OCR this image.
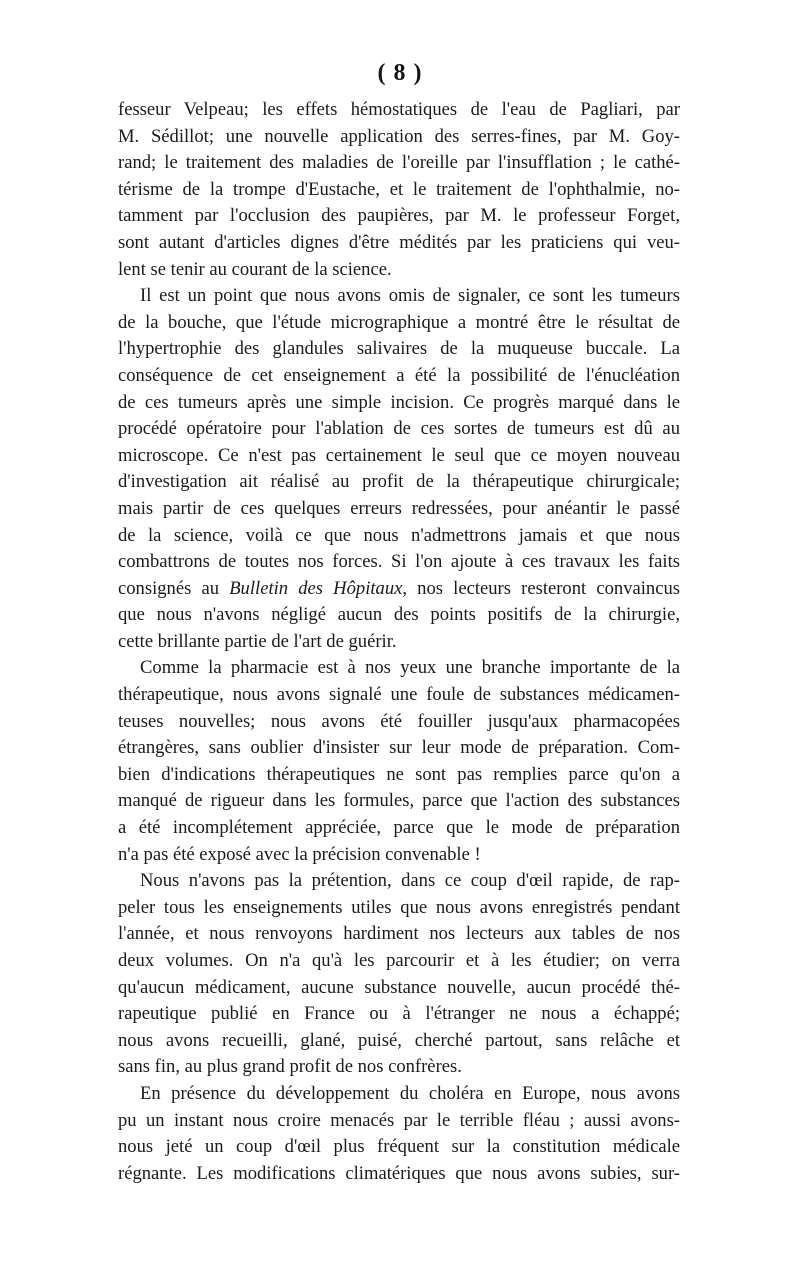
( 8 )
fesseur Velpeau; les effets hémostatiques de l'eau de Pagliari, par
M. Sédillot; une nouvelle application des serres-fines, par M. Goy-
rand; le traitement des maladies de l'oreille par l'insufflation ; le cathé-
térisme de la trompe d'Eustache, et le traitement de l'ophthalmie, no-
tamment par l'occlusion des paupières, par M. le professeur Forget,
sont autant d'articles dignes d'être médités par les praticiens qui veu-
lent se tenir au courant de la science.
Il est un point que nous avons omis de signaler, ce sont les tumeurs
de la bouche, que l'étude micrographique a montré être le résultat de
l'hypertrophie des glandules salivaires de la muqueuse buccale. La
conséquence de cet enseignement a été la possibilité de l'énucléation
de ces tumeurs après une simple incision. Ce progrès marqué dans le
procédé opératoire pour l'ablation de ces sortes de tumeurs est dû au
microscope. Ce n'est pas certainement le seul que ce moyen nouveau
d'investigation ait réalisé au profit de la thérapeutique chirurgicale;
mais partir de ces quelques erreurs redressées, pour anéantir le passé
de la science, voilà ce que nous n'admettrons jamais et que nous
combattrons de toutes nos forces. Si l'on ajoute à ces travaux les faits
consignés au Bulletin des Hôpitaux, nos lecteurs resteront convaincus
que nous n'avons négligé aucun des points positifs de la chirurgie,
cette brillante partie de l'art de guérir.
Comme la pharmacie est à nos yeux une branche importante de la
thérapeutique, nous avons signalé une foule de substances médicamen-
teuses nouvelles; nous avons été fouiller jusqu'aux pharmacopées
étrangères, sans oublier d'insister sur leur mode de préparation. Com-
bien d'indications thérapeutiques ne sont pas remplies parce qu'on a
manqué de rigueur dans les formules, parce que l'action des substances
a été incomplétement appréciée, parce que le mode de préparation
n'a pas été exposé avec la précision convenable !
Nous n'avons pas la prétention, dans ce coup d'œil rapide, de rap-
peler tous les enseignements utiles que nous avons enregistrés pendant
l'année, et nous renvoyons hardiment nos lecteurs aux tables de nos
deux volumes. On n'a qu'à les parcourir et à les étudier; on verra
qu'aucun médicament, aucune substance nouvelle, aucun procédé thé-
rapeutique publié en France ou à l'étranger ne nous a échappé;
nous avons recueilli, glané, puisé, cherché partout, sans relâche et
sans fin, au plus grand profit de nos confrères.
En présence du développement du choléra en Europe, nous avons
pu un instant nous croire menacés par le terrible fléau ; aussi avons-
nous jeté un coup d'œil plus fréquent sur la constitution médicale
régnante. Les modifications climatériques que nous avons subies, sur-
